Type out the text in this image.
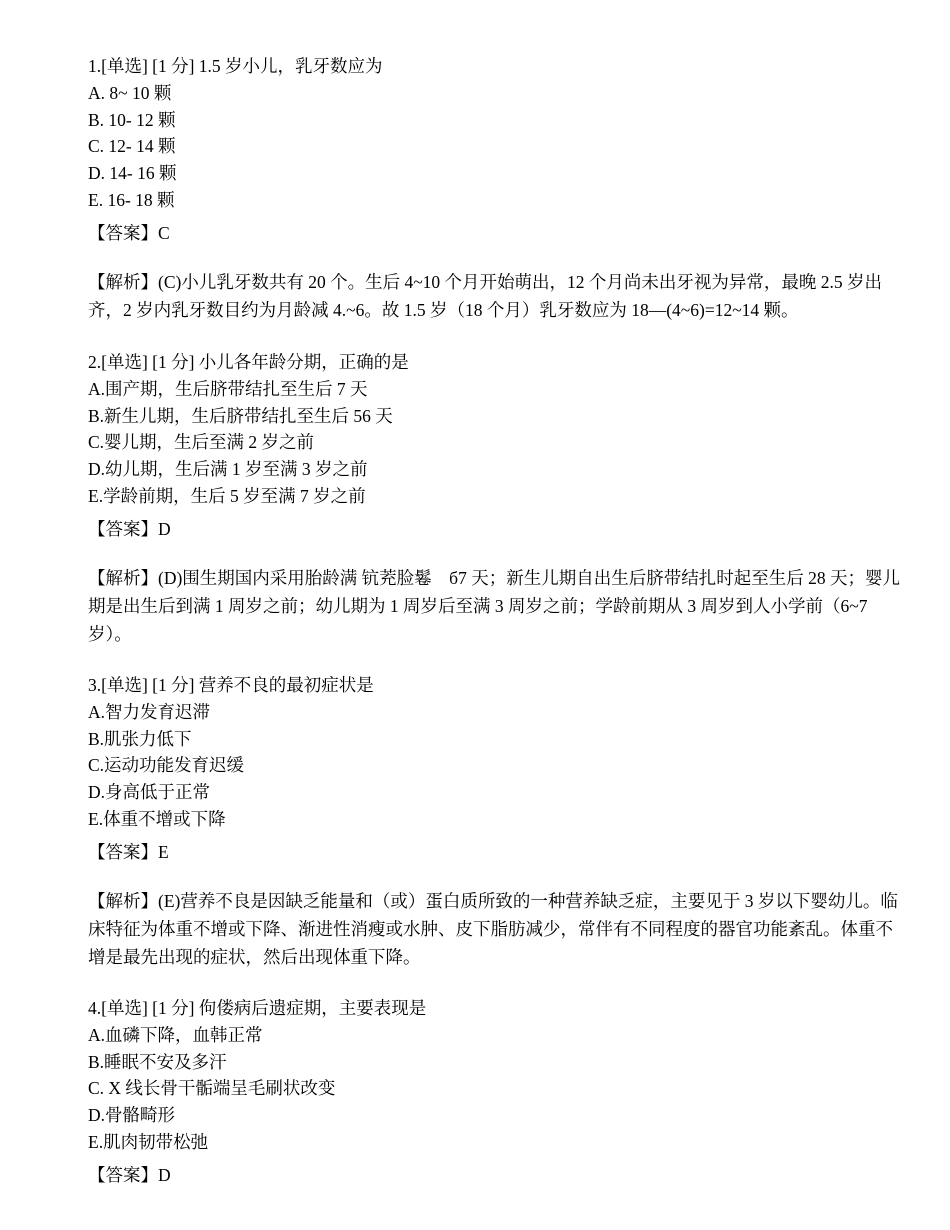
1.[单选] [1 分] 1.5 岁小儿，乳牙数应为
A. 8~ 10 颗
B. 10- 12 颗
C. 12- 14 颗
D. 14- 16 颗
E. 16- 18 颗
【答案】C
【解析】(C)小儿乳牙数共有 20 个。生后 4~10 个月开始萌出，12 个月尚未出牙视为异常，最晚 2.5 岁出齐，2 岁内乳牙数目约为月龄减 4.~6。故 1.5 岁（18 个月）乳牙数应为 18—(4~6)=12~14 颗。
2.[单选] [1 分] 小儿各年龄分期，正确的是
A.围产期，生后脐带结扎至生后 7 天
B.新生儿期，生后脐带结扎至生后 56 天
C.婴儿期，生后至满 2 岁之前
D.幼儿期，生后满 1 岁至满 3 岁之前
E.学龄前期，生后 5 岁至满 7 岁之前
【答案】D
【解析】(D)围生期国内采用胎龄满 钪茺脸鬈　б7 天；新生儿期自出生后脐带结扎时起至生后 28 天；婴儿期是出生后到满 1 周岁之前；幼儿期为 1 周岁后至满 3 周岁之前；学龄前期从 3 周岁到人小学前（6~7 岁）。
3.[单选] [1 分] 营养不良的最初症状是
A.智力发育迟滞
B.肌张力低下
C.运动功能发育迟缓
D.身高低于正常
E.体重不增或下降
【答案】E
【解析】(E)营养不良是因缺乏能量和（或）蛋白质所致的一种营养缺乏症，主要见于 3 岁以下婴幼儿。临床特征为体重不增或下降、渐进性消瘦或水肿、皮下脂肪减少，常伴有不同程度的器官功能紊乱。体重不增是最先出现的症状，然后出现体重下降。
4.[单选] [1 分] 佝偻病后遗症期，主要表现是
A.血磷下降，血韩正常
B.睡眠不安及多汗
C. X 线长骨干骺端呈毛刷状改变
D.骨骼畸形
E.肌肉韧带松弛
【答案】D
